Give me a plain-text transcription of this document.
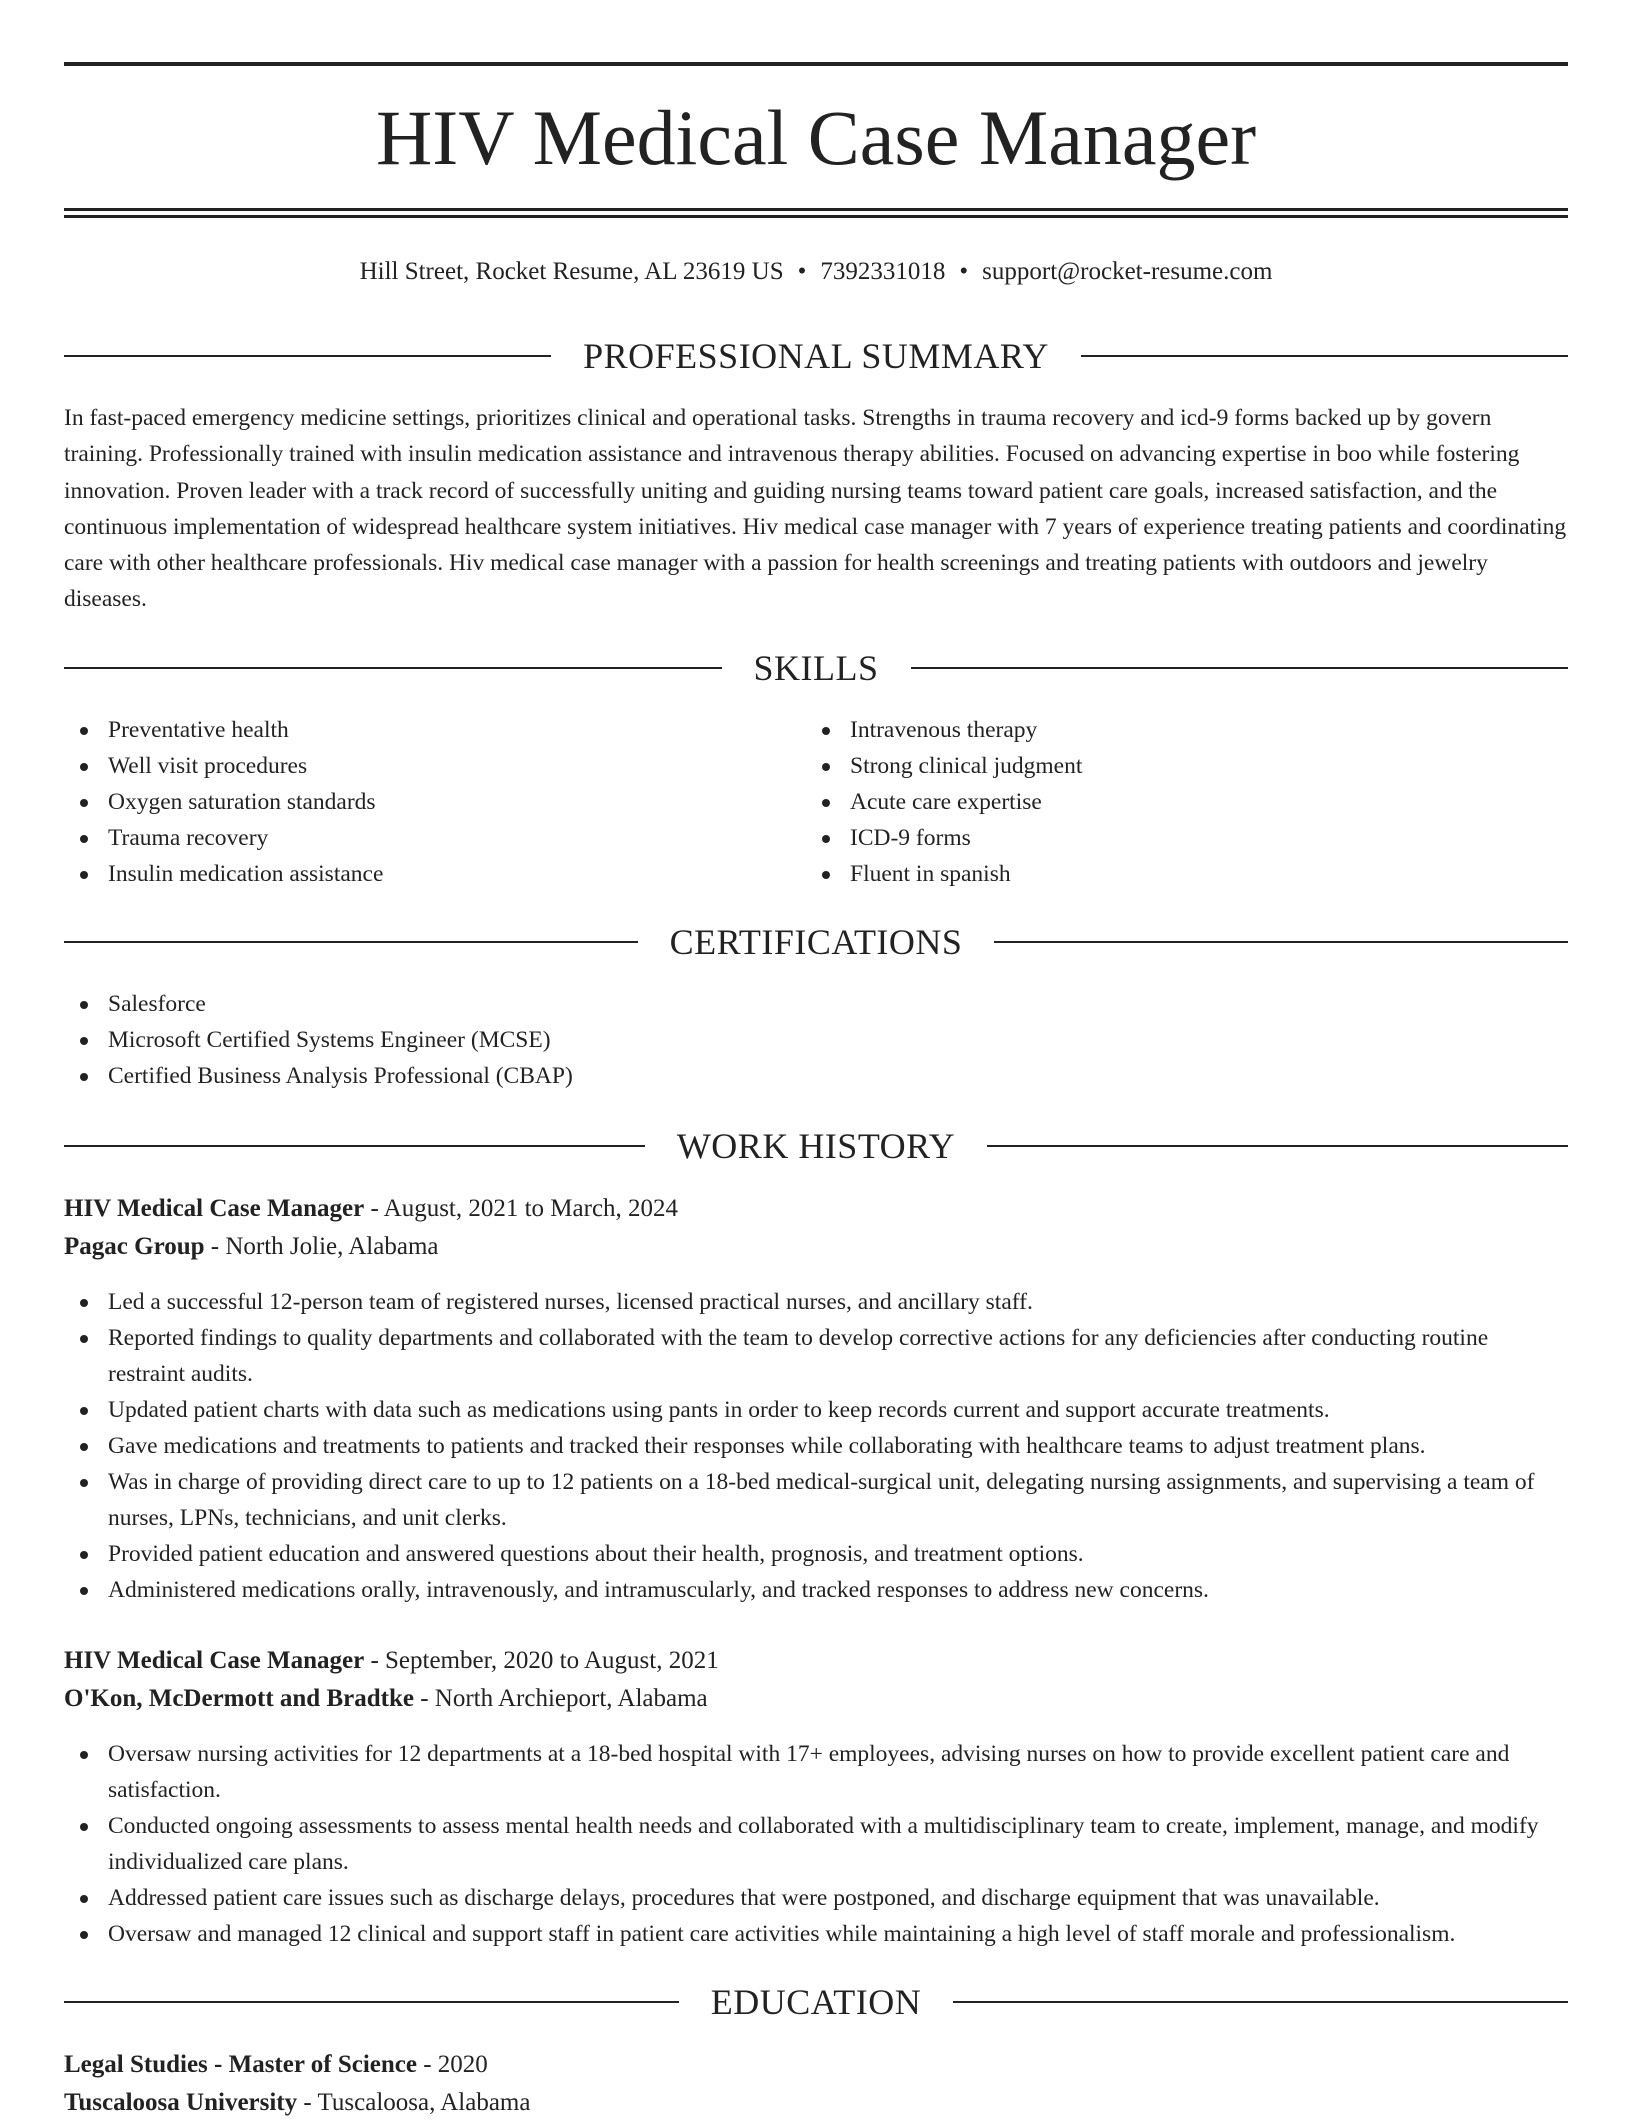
HIV Medical Case Manager
Hill Street, Rocket Resume, AL 23619 US • 7392331018 • support@rocket-resume.com
PROFESSIONAL SUMMARY

In fast-paced emergency medicine settings, prioritizes clinical and operational tasks. Strengths in trauma recovery and icd-9 forms backed up by govern training. Professionally trained with insulin medication assistance and intravenous therapy abilities. Focused on advancing expertise in boo while fostering innovation. Proven leader with a track record of successfully uniting and guiding nursing teams toward patient care goals, increased satisfaction, and the continuous implementation of widespread healthcare system initiatives. Hiv medical case manager with 7 years of experience treating patients and coordinating care with other healthcare professionals. Hiv medical case manager with a passion for health screenings and treating patients with outdoors and jewelry diseases.

SKILLS
Preventative health
Well visit procedures
Oxygen saturation standards
Trauma recovery
Insulin medication assistance
Intravenous therapy
Strong clinical judgment
Acute care expertise
ICD-9 forms
Fluent in spanish
CERTIFICATIONS
Salesforce
Microsoft Certified Systems Engineer (MCSE)
Certified Business Analysis Professional (CBAP)
WORK HISTORY
HIV Medical Case Manager - August, 2021 to March, 2024
Pagac Group - North Jolie, Alabama
Led a successful 12-person team of registered nurses, licensed practical nurses, and ancillary staff.
Reported findings to quality departments and collaborated with the team to develop corrective actions for any deficiencies after conducting routine restraint audits.
Updated patient charts with data such as medications using pants in order to keep records current and support accurate treatments.
Gave medications and treatments to patients and tracked their responses while collaborating with healthcare teams to adjust treatment plans.
Was in charge of providing direct care to up to 12 patients on a 18-bed medical-surgical unit, delegating nursing assignments, and supervising a team of nurses, LPNs, technicians, and unit clerks.
Provided patient education and answered questions about their health, prognosis, and treatment options.
Administered medications orally, intravenously, and intramuscularly, and tracked responses to address new concerns.
HIV Medical Case Manager - September, 2020 to August, 2021
O'Kon, McDermott and Bradtke - North Archieport, Alabama
Oversaw nursing activities for 12 departments at a 18-bed hospital with 17+ employees, advising nurses on how to provide excellent patient care and satisfaction.
Conducted ongoing assessments to assess mental health needs and collaborated with a multidisciplinary team to create, implement, manage, and modify individualized care plans.
Addressed patient care issues such as discharge delays, procedures that were postponed, and discharge equipment that was unavailable.
Oversaw and managed 12 clinical and support staff in patient care activities while maintaining a high level of staff morale and professionalism.
EDUCATION
Legal Studies - Master of Science - 2020
Tuscaloosa University - Tuscaloosa, Alabama
